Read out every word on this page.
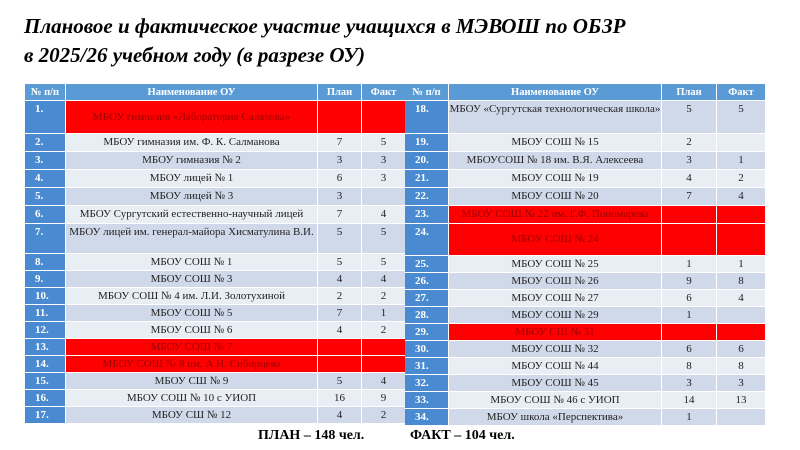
Плановое и фактическое участие учащихся в МЭВОШ по ОБЗР
в 2025/26 учебном году (в разрезе ОУ)
№ п/п	Наименование ОУ	План	Факт
1.	МБОУ гимназия «Лаборатория Салахова»		
2.	МБОУ гимназия им. Ф. К. Салманова	7	5
3.	МБОУ гимназия № 2	3	3
4.	МБОУ лицей № 1	6	3
5.	МБОУ лицей № 3	3	
6.	МБОУ Сургутский естественно-научный лицей	7	4
7.	МБОУ лицей им. генерал-майора Хисматулина В.И.	5	5
8.	МБОУ СОШ № 1	5	5
9.	МБОУ СОШ № 3	4	4
10.	МБОУ СОШ № 4 им. Л.И. Золотухиной	2	2
11.	МБОУ СОШ № 5	7	1
12.	МБОУ СОШ № 6	4	2
13.	МБОУ СОШ № 7		
14.	МБОУ СОШ № 8 им. А.Н. Сибирцева		
15.	МБОУ СШ № 9	5	4
16.	МБОУ СОШ № 10 с УИОП	16	9
17.	МБОУ СШ № 12	4	2
№ п/п	Наименование ОУ	План	Факт
18.	МБОУ «Сургутская технологическая школа»	5	5
19.	МБОУ СОШ № 15	2	
20.	МБОУСОШ № 18 им. В.Я. Алексеева	3	1
21.	МБОУ СОШ № 19	4	2
22.	МБОУ СОШ № 20	7	4
23.	МБОУ СОШ № 22 им. Г.Ф. Пономарева		
24.	МБОУ СОШ № 24		
25.	МБОУ СОШ № 25	1	1
26.	МБОУ СОШ № 26	9	8
27.	МБОУ СОШ № 27	6	4
28.	МБОУ СОШ № 29	1	
29.	МБОУ СШ № 31		
30.	МБОУ СОШ № 32	6	6
31.	МБОУ СОШ № 44	8	8
32.	МБОУ СОШ № 45	3	3
33.	МБОУ СОШ № 46 с УИОП	14	13
34.	МБОУ школа «Перспектива»	1	
ПЛАН – 148 чел.	ФАКТ – 104 чел.
